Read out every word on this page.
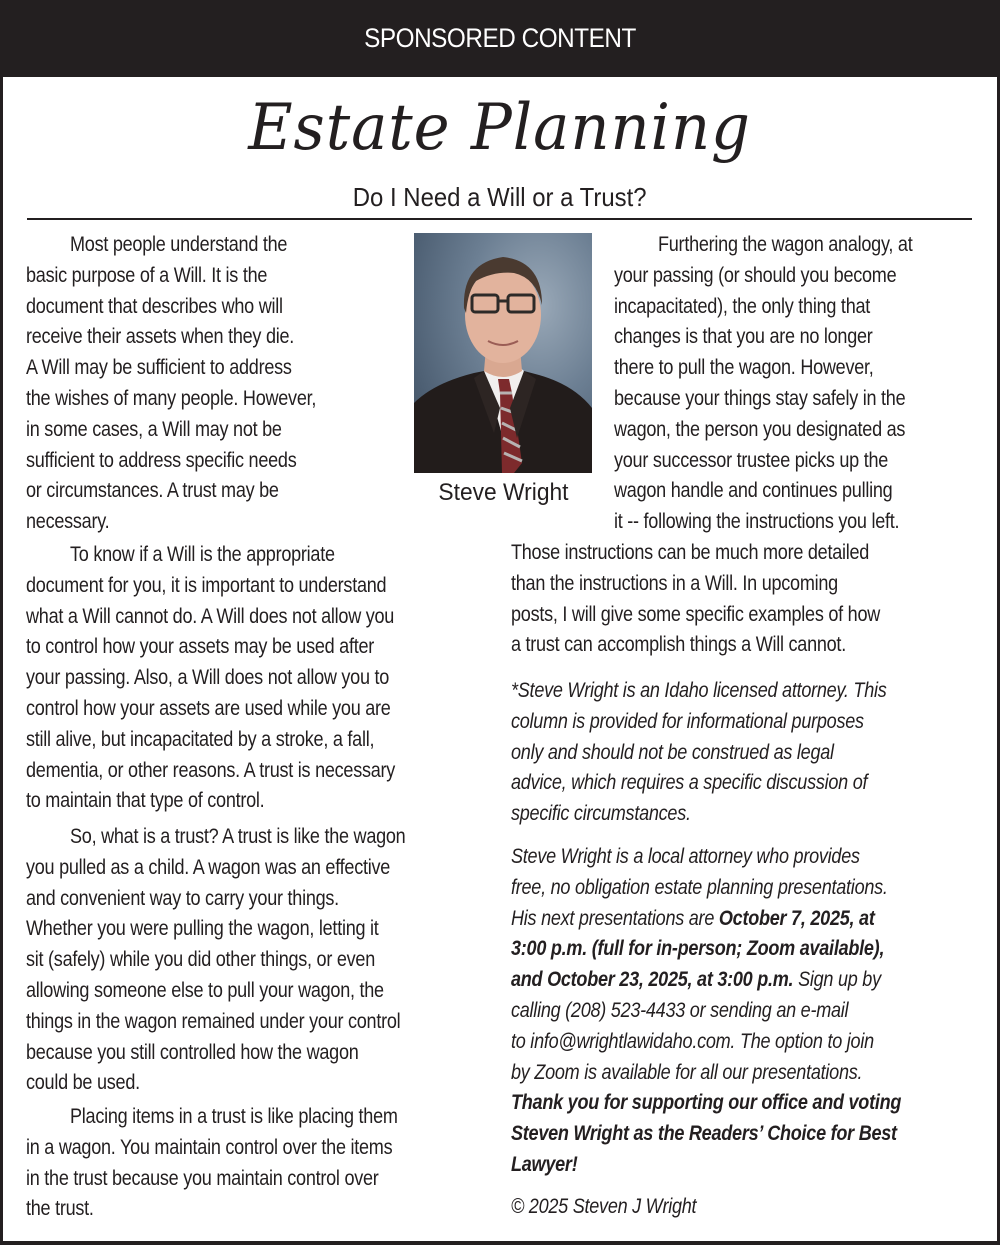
SPONSORED CONTENT
Estate Planning
Do I Need a Will or a Trust?
Steve Wright
Most people understand the
basic purpose of a Will. It is the
document that describes who will
receive their assets when they die.
A Will may be sufficient to address
the wishes of many people. However,
in some cases, a Will may not be
sufficient to address specific needs
or circumstances. A trust may be
necessary.
To know if a Will is the appropriate
document for you, it is important to understand
what a Will cannot do. A Will does not allow you
to control how your assets may be used after
your passing. Also, a Will does not allow you to
control how your assets are used while you are
still alive, but incapacitated by a stroke, a fall,
dementia, or other reasons. A trust is necessary
to maintain that type of control.
So, what is a trust? A trust is like the wagon
you pulled as a child. A wagon was an effective
and convenient way to carry your things.
Whether you were pulling the wagon, letting it
sit (safely) while you did other things, or even
allowing someone else to pull your wagon, the
things in the wagon remained under your control
because you still controlled how the wagon
could be used.
Placing items in a trust is like placing them
in a wagon. You maintain control over the items
in the trust because you maintain control over
the trust.
Furthering the wagon analogy, at
your passing (or should you become
incapacitated), the only thing that
changes is that you are no longer
there to pull the wagon. However,
because your things stay safely in the
wagon, the person you designated as
your successor trustee picks up the
wagon handle and continues pulling
it -- following the instructions you left.
Those instructions can be much more detailed
than the instructions in a Will. In upcoming
posts, I will give some specific examples of how
a trust can accomplish things a Will cannot.
*Steve Wright is an Idaho licensed attorney. This
column is provided for informational purposes
only and should not be construed as legal
advice, which requires a specific discussion of
specific circumstances.
Steve Wright is a local attorney who provides
free, no obligation estate planning presentations.
His next presentations are October 7, 2025, at
3:00 p.m. (full for in-person; Zoom available),
and October 23, 2025, at 3:00 p.m. Sign up by
calling (208) 523-4433 or sending an e-mail
to info@wrightlawidaho.com. The option to join
by Zoom is available for all our presentations.
Thank you for supporting our office and voting
Steven Wright as the Readers’ Choice for Best
Lawyer!
© 2025 Steven J Wright
